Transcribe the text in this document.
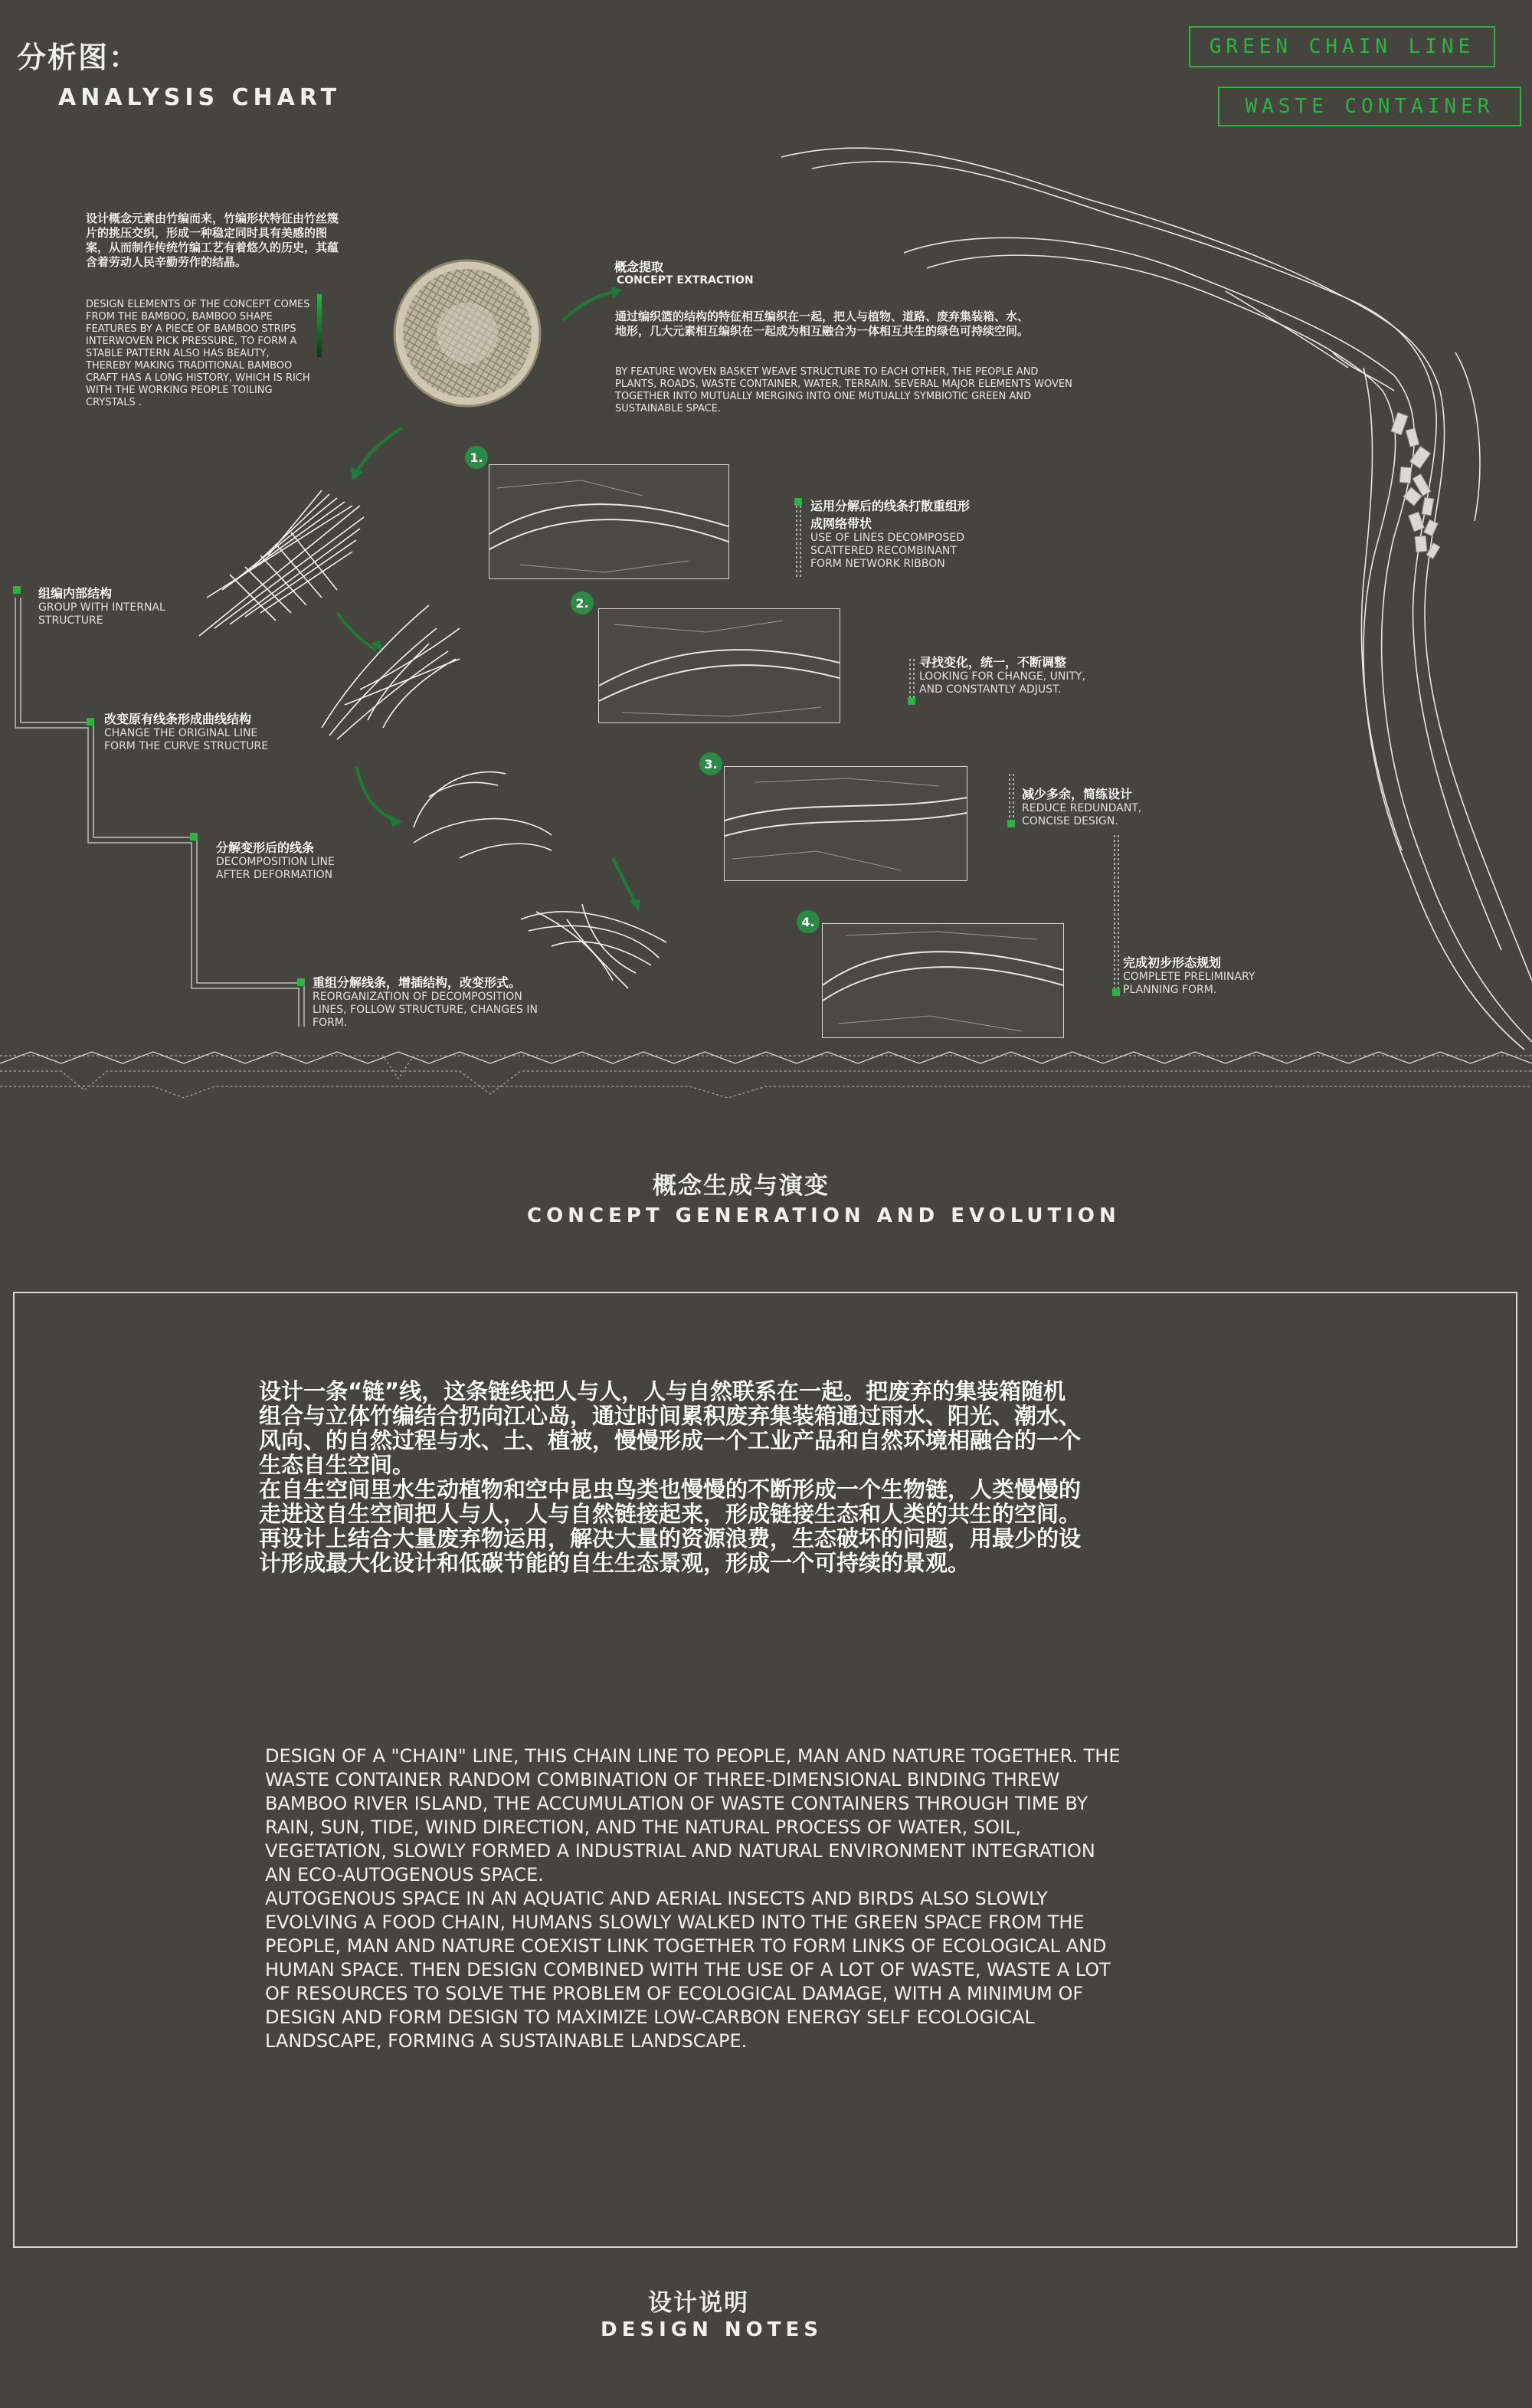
分析图：
ANALYSIS CHART
GREEN CHAIN LINE
WASTE CONTAINER
设计概念元素由竹编而来，竹编形状特征由竹丝篾片的挑压交织，形成一种稳定同时具有美感的图案，从而制作传统竹编工艺有着悠久的历史，其蕴含着劳动人民辛勤劳作的结晶。
DESIGN ELEMENTS OF THE CONCEPT COMES FROM THE BAMBOO, BAMBOO SHAPE FEATURES BY A PIECE OF BAMBOO STRIPS INTERWOVEN PICK PRESSURE, TO FORM A STABLE PATTERN ALSO HAS BEAUTY, THEREBY MAKING TRADITIONAL BAMBOO CRAFT HAS A LONG HISTORY, WHICH IS RICH WITH THE WORKING PEOPLE TOILING CRYSTALS .
概念提取
CONCEPT EXTRACTION
通过编织篮的结构的特征相互编织在一起，把人与植物、道路、废弃集装箱、水、地形，几大元素相互编织在一起成为相互融合为一体相互共生的绿色可持续空间。
BY FEATURE WOVEN BASKET WEAVE STRUCTURE TO EACH OTHER, THE PEOPLE AND PLANTS, ROADS, WASTE CONTAINER, WATER, TERRAIN. SEVERAL MAJOR ELEMENTS WOVEN TOGETHER INTO MUTUALLY MERGING INTO ONE MUTUALLY SYMBIOTIC GREEN AND SUSTAINABLE SPACE.
组编内部结构
GROUP WITH INTERNAL STRUCTURE
改变原有线条形成曲线结构
CHANGE THE ORIGINAL LINE FORM THE CURVE STRUCTURE
分解变形后的线条
DECOMPOSITION LINE AFTER DEFORMATION
重组分解线条，增插结构，改变形式。
REORGANIZATION OF DECOMPOSITION LINES, FOLLOW STRUCTURE, CHANGES IN FORM.
运用分解后的线条打散重组形成网络带状
USE OF LINES DECOMPOSED SCATTERED RECOMBINANT FORM NETWORK RIBBON
寻找变化，统一，不断调整
LOOKING FOR CHANGE, UNITY, AND CONSTANTLY ADJUST.
减少多余，简练设计
REDUCE REDUNDANT, CONCISE DESIGN.
完成初步形态规划
COMPLETE PRELIMINARY PLANNING FORM.
1.
2.
3.
4.
概念生成与演变
CONCEPT GENERATION AND EVOLUTION
设计一条“链”线，这条链线把人与人，人与自然联系在一起。把废弃的集装箱随机
组合与立体竹编结合扔向江心岛，通过时间累积废弃集装箱通过雨水、阳光、潮水、
风向、的自然过程与水、土、植被，慢慢形成一个工业产品和自然环境相融合的一个
生态自生空间。
在自生空间里水生动植物和空中昆虫鸟类也慢慢的不断形成一个生物链，人类慢慢的
走进这自生空间把人与人，人与自然链接起来，形成链接生态和人类的共生的空间。
再设计上结合大量废弃物运用，解决大量的资源浪费，生态破坏的问题，用最少的设
计形成最大化设计和低碳节能的自生生态景观，形成一个可持续的景观。
DESIGN OF A "CHAIN" LINE, THIS CHAIN LINE TO PEOPLE, MAN AND NATURE TOGETHER. THE
WASTE CONTAINER RANDOM COMBINATION OF THREE-DIMENSIONAL BINDING THREW
BAMBOO RIVER ISLAND, THE ACCUMULATION OF WASTE CONTAINERS THROUGH TIME BY
RAIN, SUN, TIDE, WIND DIRECTION, AND THE NATURAL PROCESS OF WATER, SOIL,
VEGETATION, SLOWLY FORMED A INDUSTRIAL AND NATURAL ENVIRONMENT INTEGRATION
AN ECO-AUTOGENOUS SPACE.
AUTOGENOUS SPACE IN AN AQUATIC AND AERIAL INSECTS AND BIRDS ALSO SLOWLY
EVOLVING A FOOD CHAIN, HUMANS SLOWLY WALKED INTO THE GREEN SPACE FROM THE
PEOPLE, MAN AND NATURE COEXIST LINK TOGETHER TO FORM LINKS OF ECOLOGICAL AND
HUMAN SPACE. THEN DESIGN COMBINED WITH THE USE OF A LOT OF WASTE, WASTE A LOT
OF RESOURCES TO SOLVE THE PROBLEM OF ECOLOGICAL DAMAGE, WITH A MINIMUM OF
DESIGN AND FORM DESIGN TO MAXIMIZE LOW-CARBON ENERGY SELF ECOLOGICAL
LANDSCAPE, FORMING A SUSTAINABLE LANDSCAPE.
设计说明
DESIGN NOTES
